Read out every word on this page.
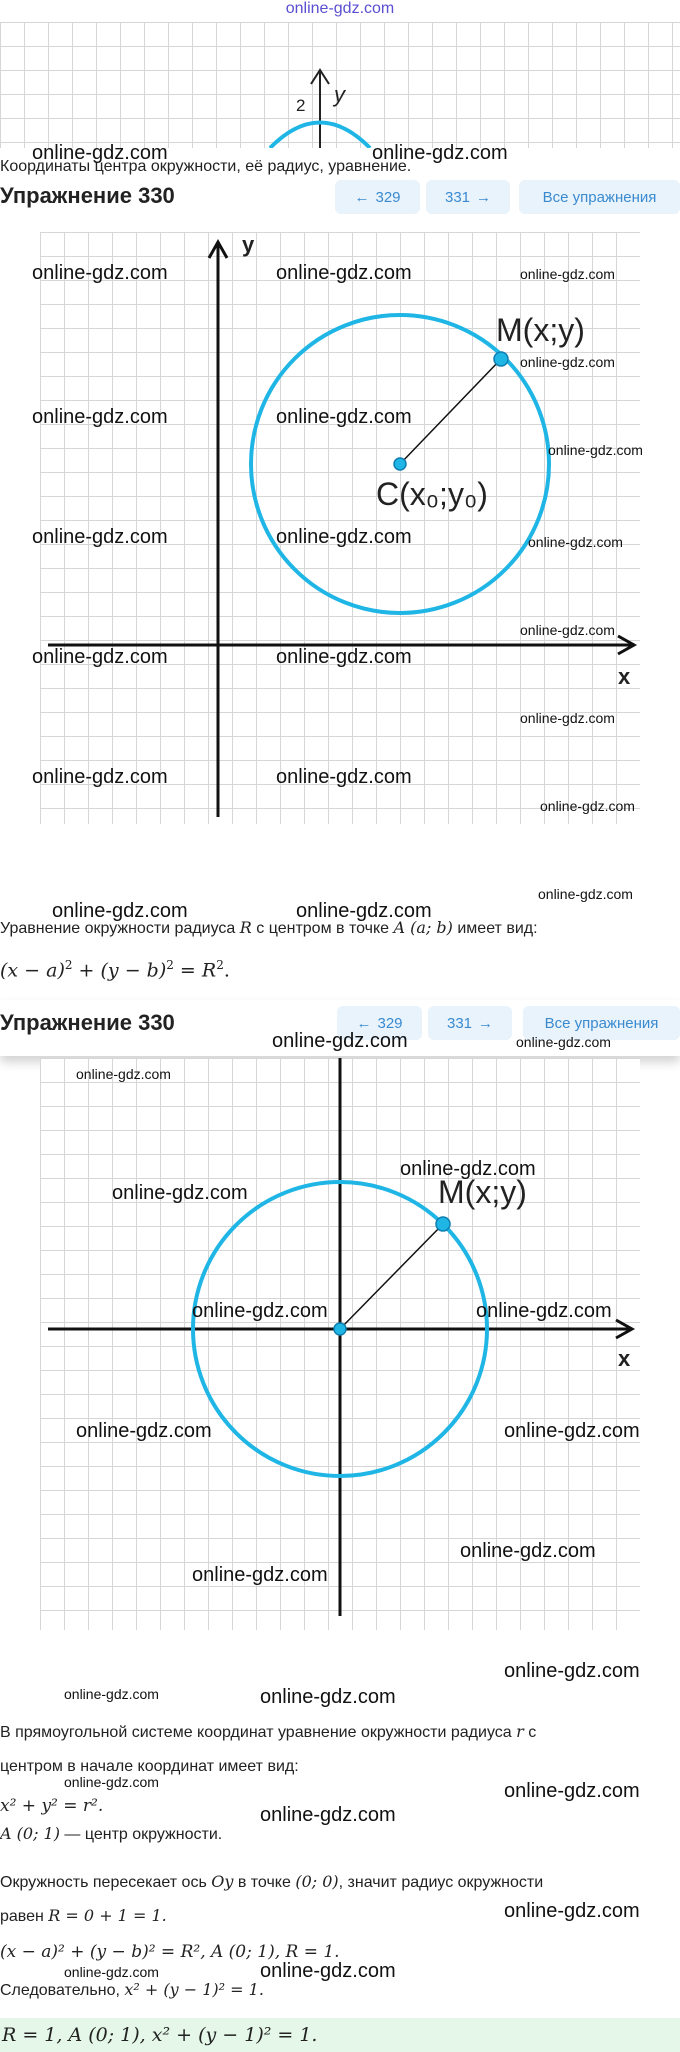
online-gdz.com
2 y
Координаты центра окружности, её радиус, уравнение.
Упражнение 330	← 329	331 →	Все упражнения
y
x
M(x;y)
C(x₀;y₀)
Уравнение окружности радиуса R с центром в точке A (a; b) имеет вид:
$(x - a)^2 + (y - b)^2 = R^2$.
Упражнение 330	← 329	331 →	Все упражнения
x
M(x;y)
В прямоугольной системе координат уравнение окружности радиуса r с
центром в начале координат имеет вид:
x² + y² = r².
A (0; 1) — центр окружности.
Окружность пересекает ось Oy в точке (0; 0), значит радиус окружности
равен R = 0 + 1 = 1.
(x − a)² + (y − b)² = R², A (0; 1), R = 1.
Следовательно, x² + (y − 1)² = 1.
R = 1, A (0; 1), x² + (y − 1)² = 1.
online-gdz.com	online-gdz.com
online-gdz.com	online-gdz.com	online-gdz.com
online-gdz.com
online-gdz.com	online-gdz.com
online-gdz.com
online-gdz.com	online-gdz.com	online-gdz.com
online-gdz.com
online-gdz.com	online-gdz.com
online-gdz.com
online-gdz.com	online-gdz.com
online-gdz.com
online-gdz.com
online-gdz.com	online-gdz.com
online-gdz.com	online-gdz.com
online-gdz.com
online-gdz.com
online-gdz.com
online-gdz.com	online-gdz.com
online-gdz.com	online-gdz.com
online-gdz.com
online-gdz.com
online-gdz.com
online-gdz.com	online-gdz.com
online-gdz.com	online-gdz.com
online-gdz.com
online-gdz.com
online-gdz.com	online-gdz.com
